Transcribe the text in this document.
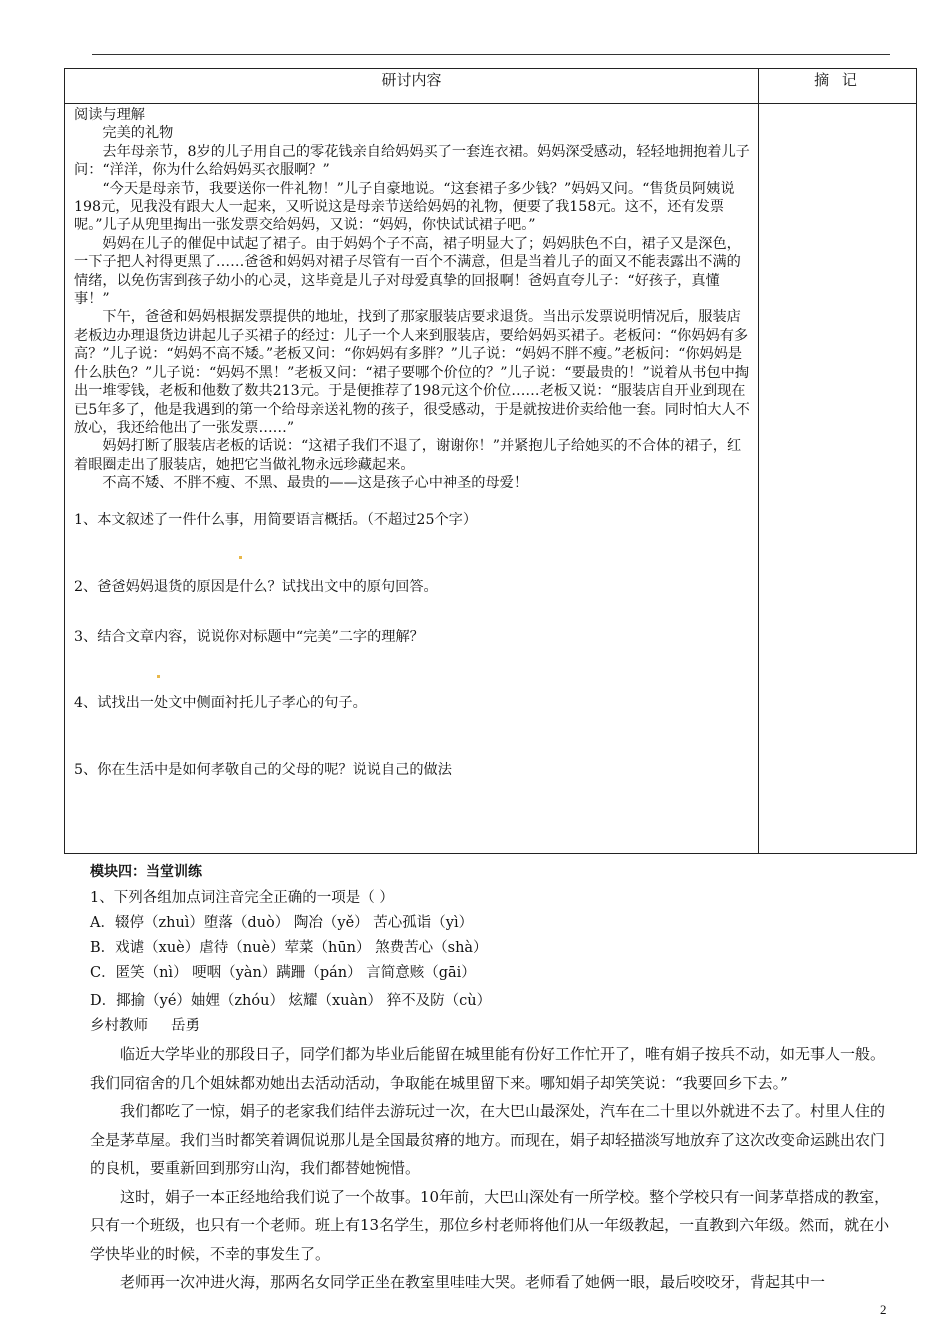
研讨内容	摘 记

阅读与理解

完美的礼物

去年母亲节，8岁的儿子用自己的零花钱亲自给妈妈买了一套连衣裙。妈妈深受感动，轻轻地拥抱着儿子问：“洋洋，你为什么给妈妈买衣服啊？”

“今天是母亲节，我要送你一件礼物！”儿子自豪地说。“这套裙子多少钱？”妈妈又问。“售货员阿姨说198元，见我没有跟大人一起来，又听说这是母亲节送给妈妈的礼物，便要了我158元。这不，还有发票呢。”儿子从兜里掏出一张发票交给妈妈，又说：“妈妈，你快试试裙子吧。”

妈妈在儿子的催促中试起了裙子。由于妈妈个子不高，裙子明显大了；妈妈肤色不白，裙子又是深色，一下子把人衬得更黑了……爸爸和妈妈对裙子尽管有一百个不满意，但是当着儿子的面又不能表露出不满的情绪，以免伤害到孩子幼小的心灵，这毕竟是儿子对母爱真挚的回报啊！爸妈直夸儿子：“好孩子，真懂事！”

下午，爸爸和妈妈根据发票提供的地址，找到了那家服装店要求退货。当出示发票说明情况后，服装店老板边办理退货边讲起儿子买裙子的经过：儿子一个人来到服装店，要给妈妈买裙子。老板问：“你妈妈有多高？”儿子说：“妈妈不高不矮。”老板又问：“你妈妈有多胖？”儿子说：“妈妈不胖不瘦。”老板问：“你妈妈是什么肤色？”儿子说：“妈妈不黑！”老板又问：“裙子要哪个价位的？”儿子说：“要最贵的！”说着从书包中掏出一堆零钱，老板和他数了数共213元。于是便推荐了198元这个价位……老板又说：“服装店自开业到现在已5年多了，他是我遇到的第一个给母亲送礼物的孩子，很受感动，于是就按进价卖给他一套。同时怕大人不放心，我还给他出了一张发票……”

妈妈打断了服装店老板的话说：“这裙子我们不退了，谢谢你！”并紧抱儿子给她买的不合体的裙子，红着眼圈走出了服装店，她把它当做礼物永远珍藏起来。

不高不矮、不胖不瘦、不黑、最贵的——这是孩子心中神圣的母爱！

1、本文叙述了一件什么事，用简要语言概括。（不超过25个字）

2、爸爸妈妈退货的原因是什么？试找出文中的原句回答。

3、结合文章内容，说说你对标题中“完美”二字的理解？

4、试找出一处文中侧面衬托儿子孝心的句子。

5、你在生活中是如何孝敬自己的父母的呢？说说自己的做法

模块四：当堂训练

1、下列各组加点词注音完全正确的一项是（ ）

A．辍停（zhuì）堕落（duò） 陶冶（yě） 苦心孤诣（yì）

B．戏谑（xuè）虐待（nuè）荤菜（hūn） 煞费苦心（shà）

C．匿笑（nì） 哽咽（yàn）蹒跚（pán） 言简意赅（gāi）

D．揶揄（yé）妯娌（zhóu） 炫耀（xuàn） 猝不及防（cù）

乡村教师     岳勇

临近大学毕业的那段日子，同学们都为毕业后能留在城里能有份好工作忙开了，唯有娟子按兵不动，如无事人一般。我们同宿舍的几个姐妹都劝她出去活动活动，争取能在城里留下来。哪知娟子却笑笑说：“我要回乡下去。”

我们都吃了一惊，娟子的老家我们结伴去游玩过一次，在大巴山最深处，汽车在二十里以外就进不去了。村里人住的全是茅草屋。我们当时都笑着调侃说那儿是全国最贫瘠的地方。而现在，娟子却轻描淡写地放弃了这次改变命运跳出农门的良机，要重新回到那穷山沟，我们都替她惋惜。

这时，娟子一本正经地给我们说了一个故事。10年前，大巴山深处有一所学校。整个学校只有一间茅草搭成的教室，只有一个班级，也只有一个老师。班上有13名学生，那位乡村老师将他们从一年级教起，一直教到六年级。然而，就在小学快毕业的时候，不幸的事发生了。

老师再一次冲进火海，那两名女同学正坐在教室里哇哇大哭。老师看了她俩一眼，最后咬咬牙，背起其中一

2
